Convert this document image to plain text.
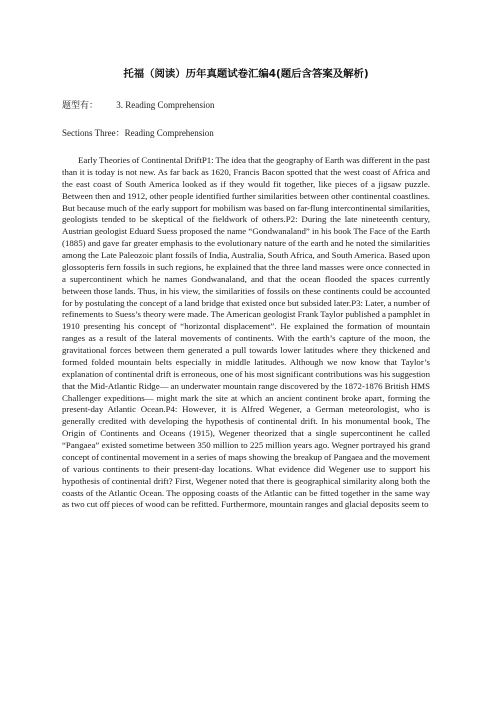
托福（阅读）历年真题试卷汇编4(题后含答案及解析)
题型有： 3. Reading Comprehension
Sections Three：Reading Comprehension
Early Theories of Continental DriftP1: The idea that the geography of Earth was different in the past than it is today is not new. As far back as 1620, Francis Bacon spotted that the west coast of Africa and the east coast of South America looked as if they would fit together, like pieces of a jigsaw puzzle. Between then and 1912, other people identified further similarities between other continental coastlines. But because much of the early support for mobilism was based on far-flung intercontinental similarities, geologists tended to be skeptical of the fieldwork of others.P2: During the late nineteenth century, Austrian geologist Eduard Suess proposed the name “Gondwanaland” in his book The Face of the Earth (1885) and gave far greater emphasis to the evolutionary nature of the earth and he noted the similarities among the Late Paleozoic plant fossils of India, Australia, South Africa, and South America. Based upon glossopteris fern fossils in such regions, he explained that the three land masses were once connected in a supercontinent which he names Gondwanaland, and that the ocean flooded the spaces currently between those lands. Thus, in his view, the similarities of fossils on these continents could be accounted for by postulating the concept of a land bridge that existed once but subsided later.P3: Later, a number of refinements to Suess’s theory were made. The American geologist Frank Taylor published a pamphlet in 1910 presenting his concept of “horizontal displacement”. He explained the formation of mountain ranges as a result of the lateral movements of continents. With the earth’s capture of the moon, the gravitational forces between them generated a pull towards lower latitudes where they thickened and formed folded mountain belts especially in middle latitudes. Although we now know that Taylor’s explanation of continental drift is erroneous, one of his most significant contributions was his suggestion that the Mid-Atlantic Ridge— an underwater mountain range discovered by the 1872-1876 British HMS Challenger expeditions— might mark the site at which an ancient continent broke apart, forming the present-day Atlantic Ocean.P4: However, it is Alfred Wegener, a German meteorologist, who is generally credited with developing the hypothesis of continental drift. In his monumental book, The Origin of Continents and Oceans (1915), Wegener theorized that a single supercontinent he called “Pangaea” existed sometime between 350 million to 225 million years ago. Wegner portrayed his grand concept of continental movement in a series of maps showing the breakup of Pangaea and the movement of various continents to their present-day locations. What evidence did Wegener use to support his hypothesis of continental drift? First, Wegener noted that there is geographical similarity along both the coasts of the Atlantic Ocean. The opposing coasts of the Atlantic can be fitted together in the same way as two cut off pieces of wood can be refitted. Furthermore, mountain ranges and glacial deposits seem to
